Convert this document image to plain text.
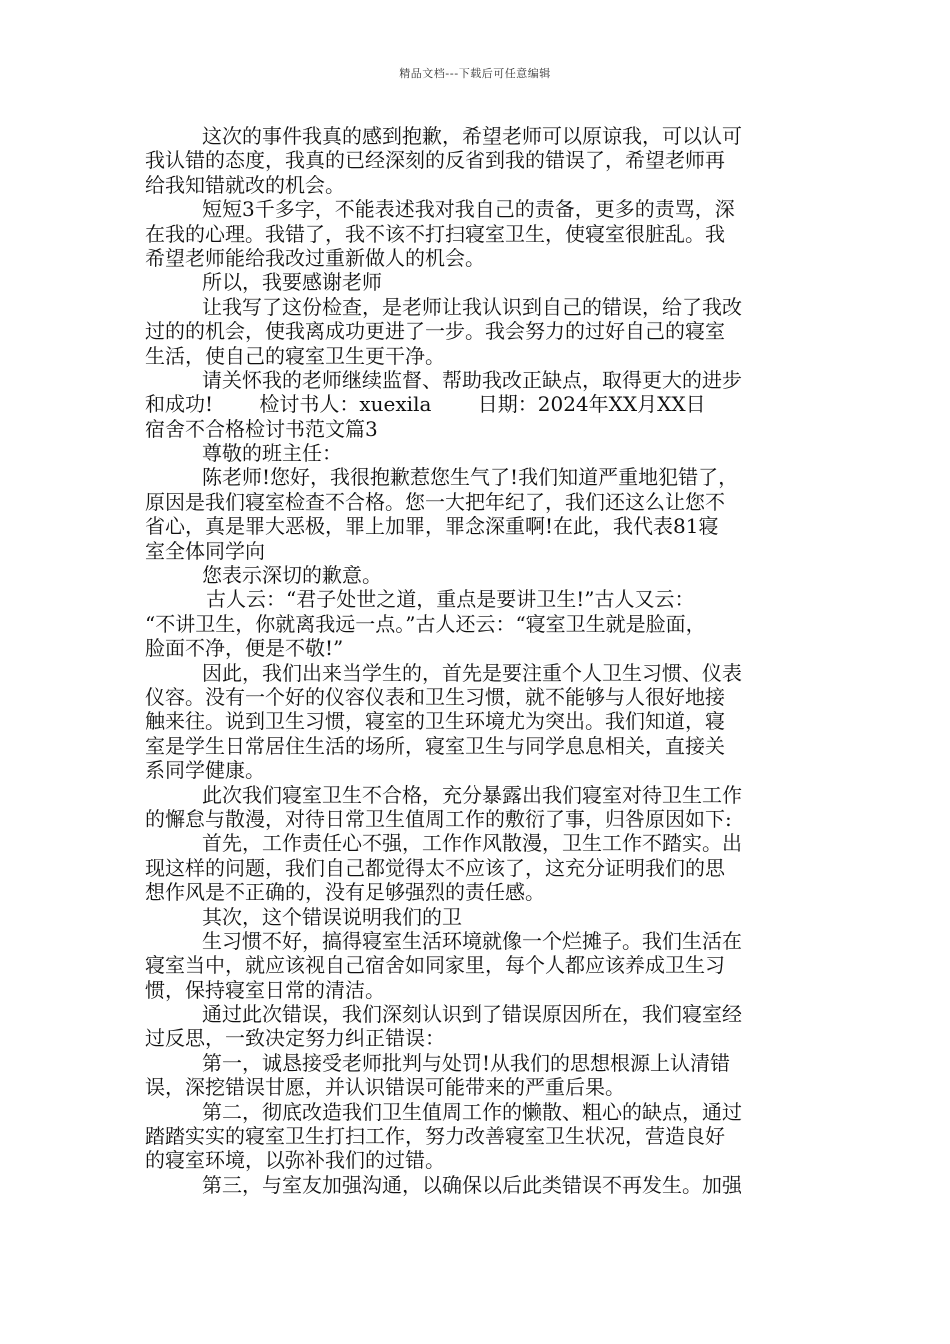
精品文档---下载后可任意编辑
这次的事件我真的感到抱歉，希望老师可以原谅我，可以认可
我认错的态度，我真的已经深刻的反省到我的错误了，希望老师再
给我知错就改的机会。
短短3千多字，不能表述我对我自己的责备，更多的责骂，深
在我的心理。我错了，我不该不打扫寝室卫生，使寝室很脏乱。我
希望老师能给我改过重新做人的机会。
所以，我要感谢老师
让我写了这份检查，是老师让我认识到自己的错误，给了我改
过的的机会，使我离成功更进了一步。我会努力的过好自己的寝室
生活，使自己的寝室卫生更干净。
请关怀我的老师继续监督、帮助我改正缺点，取得更大的进步
和成功!　　 检讨书人：xuexila　　 日期：2024年XX月XX日
宿舍不合格检讨书范文篇3
尊敬的班主任：
陈老师!您好，我很抱歉惹您生气了!我们知道严重地犯错了，
原因是我们寝室检查不合格。您一大把年纪了，我们还这么让您不
省心，真是罪大恶极，罪上加罪，罪念深重啊!在此，我代表81寝
室全体同学向
您表示深切的歉意。
古人云：“君子处世之道，重点是要讲卫生!”古人又云：
“不讲卫生，你就离我远一点。”古人还云：“寝室卫生就是脸面，
脸面不净，便是不敬!”
因此，我们出来当学生的，首先是要注重个人卫生习惯、仪表
仪容。没有一个好的仪容仪表和卫生习惯，就不能够与人很好地接
触来往。说到卫生习惯，寝室的卫生环境尤为突出。我们知道，寝
室是学生日常居住生活的场所，寝室卫生与同学息息相关，直接关
系同学健康。
此次我们寝室卫生不合格，充分暴露出我们寝室对待卫生工作
的懈怠与散漫，对待日常卫生值周工作的敷衍了事，归咎原因如下:
首先，工作责任心不强，工作作风散漫，卫生工作不踏实。出
现这样的问题，我们自己都觉得太不应该了，这充分证明我们的思
想作风是不正确的，没有足够强烈的责任感。
其次，这个错误说明我们的卫
生习惯不好，搞得寝室生活环境就像一个烂摊子。我们生活在
寝室当中，就应该视自己宿舍如同家里，每个人都应该养成卫生习
惯，保持寝室日常的清洁。
通过此次错误，我们深刻认识到了错误原因所在，我们寝室经
过反思，一致决定努力纠正错误：
第一，诚恳接受老师批判与处罚!从我们的思想根源上认清错
误，深挖错误甘愿，并认识错误可能带来的严重后果。
第二，彻底改造我们卫生值周工作的懒散、粗心的缺点，通过
踏踏实实的寝室卫生打扫工作，努力改善寝室卫生状况，营造良好
的寝室环境，以弥补我们的过错。
第三，与室友加强沟通，以确保以后此类错误不再发生。加强
